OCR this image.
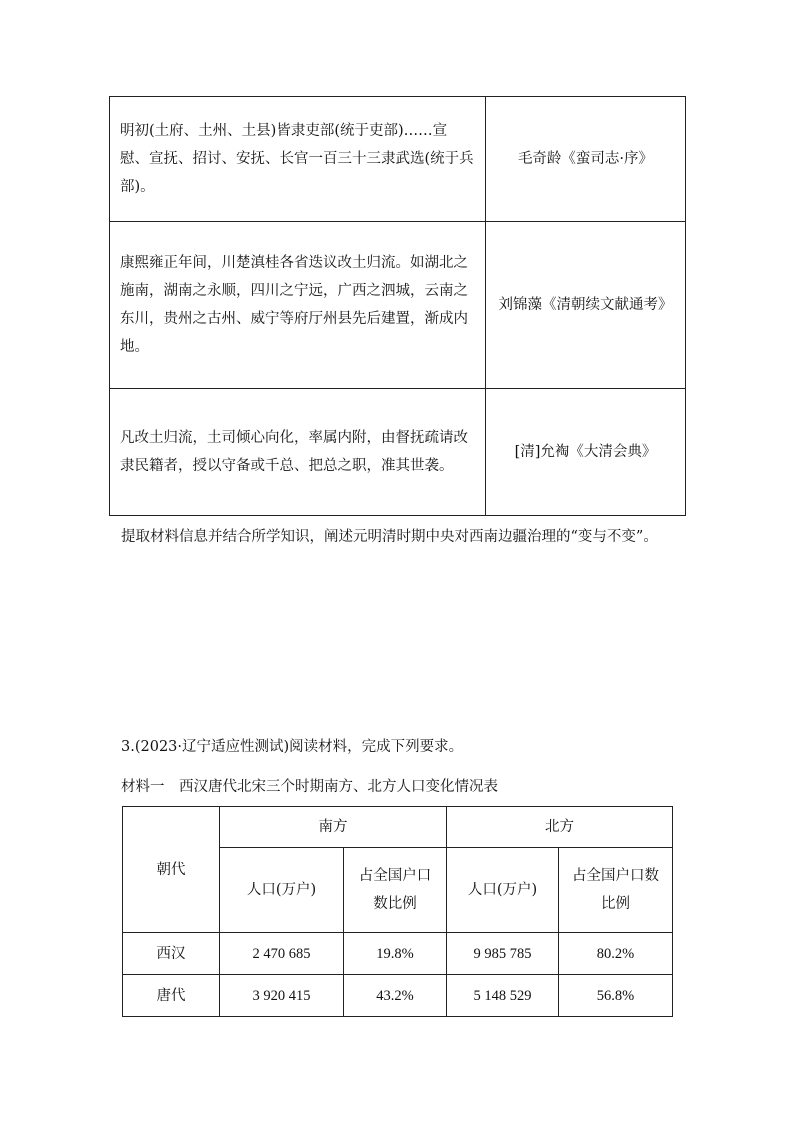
明初(土府、土州、土县)皆隶吏部(统于吏部)……宣慰、宣抚、招讨、安抚、长官一百三十三隶武选(统于兵部)。	毛奇龄《蛮司志·序》
康熙雍正年间，川楚滇桂各省迭议改土归流。如湖北之施南，湖南之永顺，四川之宁远，广西之泗城，云南之东川，贵州之古州、威宁等府厅州县先后建置，渐成内地。	刘锦藻《清朝续文献通考》
凡改土归流，土司倾心向化，率属内附，由督抚疏请改隶民籍者，授以守备或千总、把总之职，准其世袭。	[清]允裪《大清会典》
提取材料信息并结合所学知识，阐述元明清时期中央对西南边疆治理的“变与不变”。
3.(2023·辽宁适应性测试)阅读材料，完成下列要求。
材料一　西汉唐代北宋三个时期南方、北方人口变化情况表
朝代	南方		北方	
	人口(万户)	占全国户口数比例	人口(万户)	占全国户口数比例
西汉	2 470 685	19.8%	9 985 785	80.2%
唐代	3 920 415	43.2%	5 148 529	56.8%
